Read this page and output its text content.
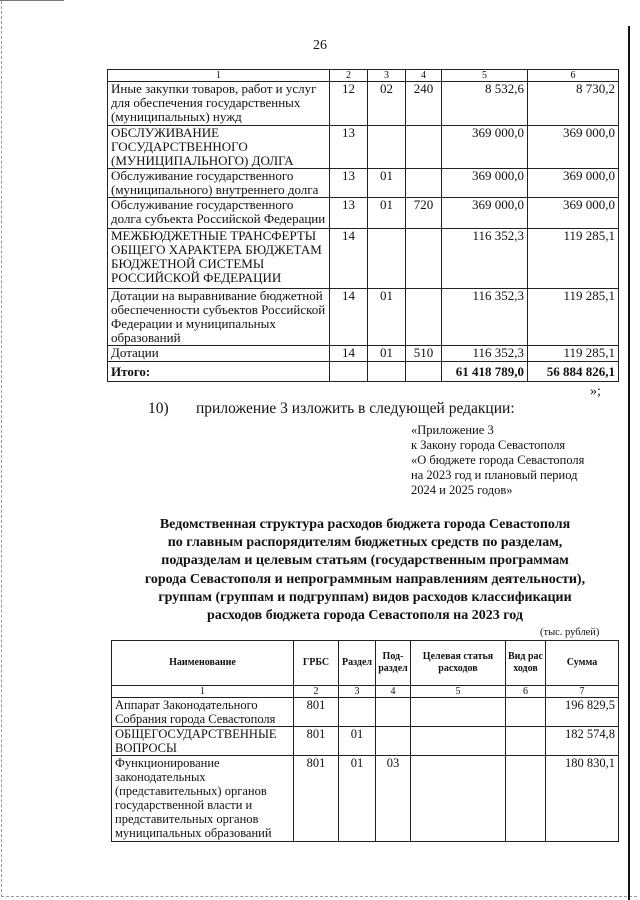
26
1	2	3	4	5	6
Иные закупки товаров, работ и услуг для обеспечения государственных (муниципальных) нужд	12	02	240	8 532,6	8 730,2
ОБСЛУЖИВАНИЕ ГОСУДАРСТВЕННОГО (МУНИЦИПАЛЬНОГО) ДОЛГА	13			369 000,0	369 000,0
Обслуживание государственного (муниципального) внутреннего долга	13	01		369 000,0	369 000,0
Обслуживание государственного долга субъекта Российской Федерации	13	01	720	369 000,0	369 000,0
МЕЖБЮДЖЕТНЫЕ ТРАНСФЕРТЫ ОБЩЕГО ХАРАКТЕРА БЮДЖЕТАМ БЮДЖЕТНОЙ СИСТЕМЫ РОССИЙСКОЙ ФЕДЕРАЦИИ	14			116 352,3	119 285,1
Дотации на выравнивание бюджетной обеспеченности субъектов Российской Федерации и муниципальных образований	14	01		116 352,3	119 285,1
Дотации	14	01	510	116 352,3	119 285,1
Итого:				61 418 789,0	56 884 826,1
»;
10) приложение 3 изложить в следующей редакции:
«Приложение 3
к Закону города Севастополя
«О бюджете города Севастополя
на 2023 год и плановый период
2024 и 2025 годов»
Ведомственная структура расходов бюджета города Севастополя
по главным распорядителям бюджетных средств по разделам,
подразделам и целевым статьям (государственным программам
города Севастополя и непрограммным направлениям деятельности),
группам (группам и подгруппам) видов расходов классификации
расходов бюджета города Севастополя на 2023 год
(тыс. рублей)
Наименование	ГРБС	Раздел	Под-раздел	Целевая статья расходов	Вид рас ходов	Сумма
1	2	3	4	5	6	7
Аппарат Законодательного Собрания города Севастополя	801					196 829,5
ОБЩЕГОСУДАРСТВЕННЫЕ ВОПРОСЫ	801	01				182 574,8
Функционирование законодательных (представительных) органов государственной власти и представительных органов муниципальных образований	801	01	03			180 830,1
